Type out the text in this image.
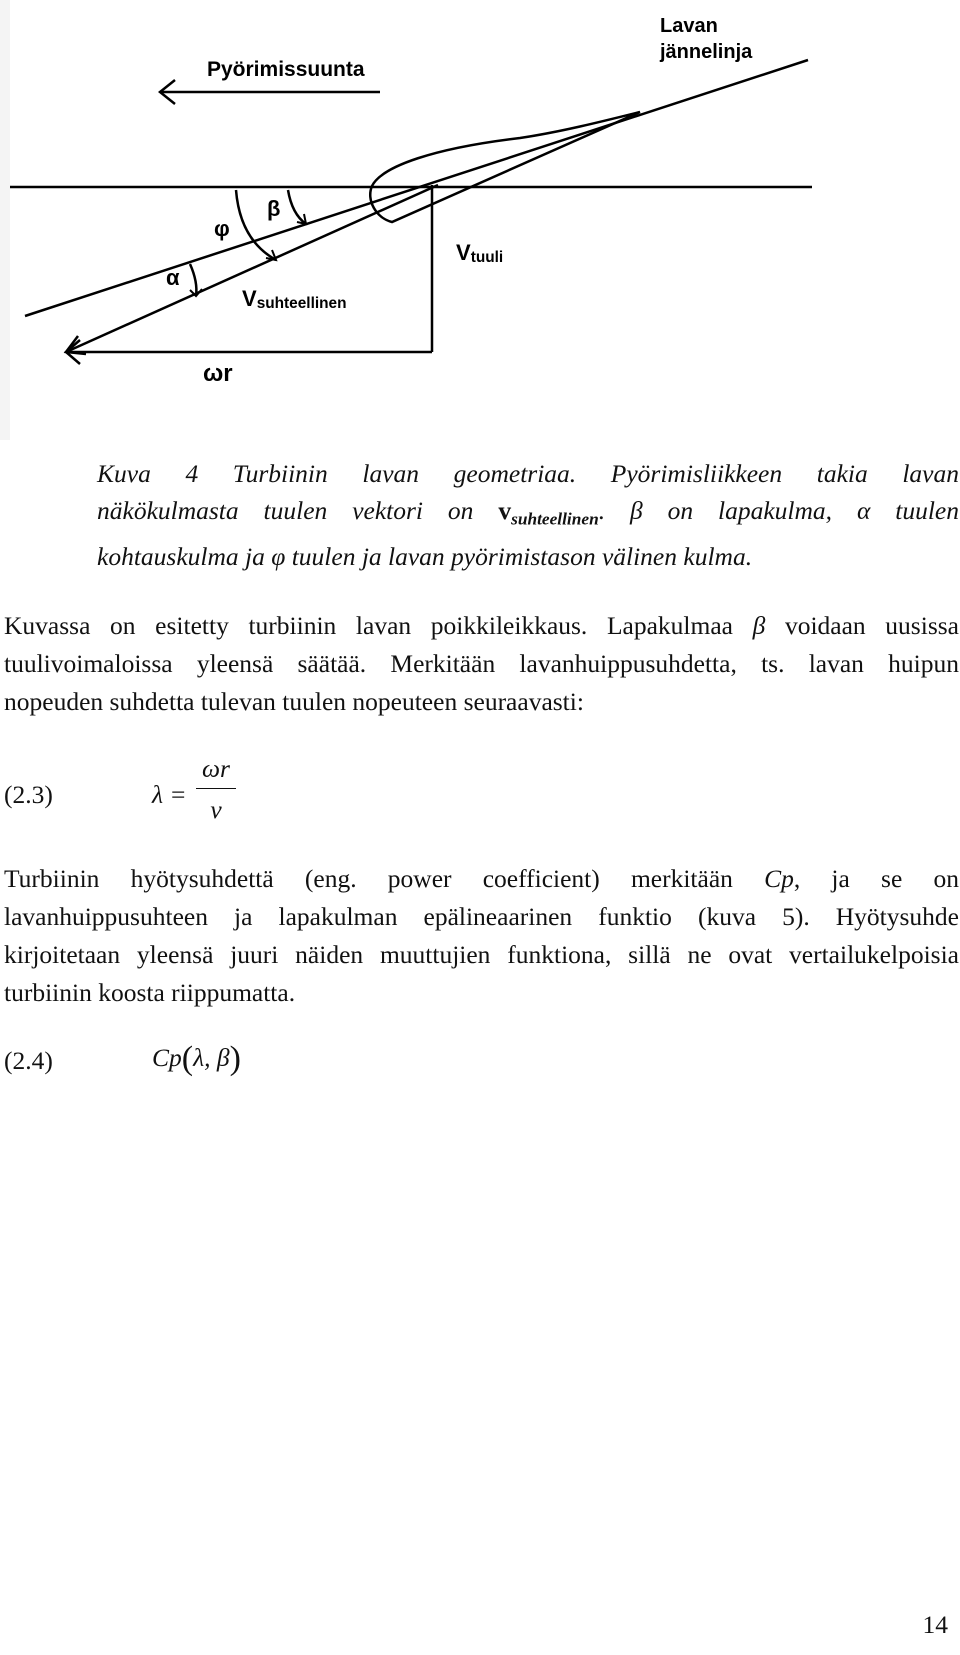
Pyörimissuunta
Lavan
jännelinja
β
φ
α
$V_{tuuli}$
$V_{suhteellinen}$
ωr
Kuva 4 Turbiinin lavan geometriaa. Pyörimisliikkeen takia lavan
näkökulmasta tuulen vektori on $v_{suhteellinen}$. β on lapakulma, α tuulen
kohtauskulma ja φ tuulen ja lavan pyörimistason välinen kulma.
Kuvassa on esitetty turbiinin lavan poikkileikkaus. Lapakulmaa β voidaan uusissa
tuulivoimaloissa yleensä säätää. Merkitään lavanhuippusuhdetta, ts. lavan huipun
nopeuden suhdetta tulevan tuulen nopeuteen seuraavasti:
(2.3)	$\lambda = \frac{\omega r}{v}$
Turbiinin hyötysuhdettä (eng. power coefficient) merkitään Cp, ja se on
lavanhuippusuhteen ja lapakulman epälineaarinen funktio (kuva 5). Hyötysuhde
kirjoitetaan yleensä juuri näiden muuttujien funktiona, sillä ne ovat vertailukelpoisia
turbiinin koosta riippumatta.
(2.4)	Cp(λ, β)
14
